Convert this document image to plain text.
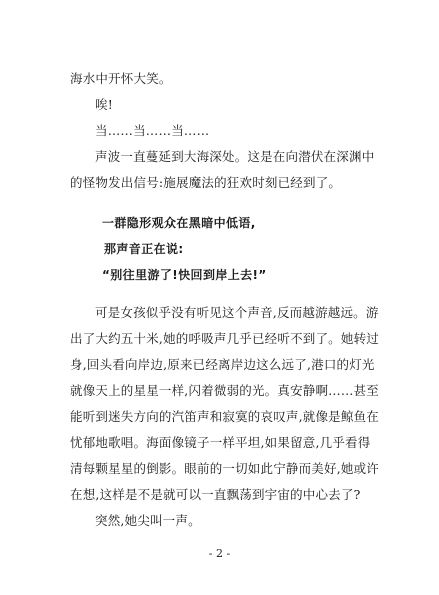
海水中开怀大笑。

唉!

当……当……当……

声波一直蔓延到大海深处。这是在向潜伏在深渊中的怪物发出信号:施展魔法的狂欢时刻已经到了。

一群隐形观众在黑暗中低语,
那声音正在说:
“别往里游了!快回到岸上去!”

可是女孩似乎没有听见这个声音,反而越游越远。游出了大约五十米,她的呼吸声几乎已经听不到了。她转过身,回头看向岸边,原来已经离岸边这么远了,港口的灯光就像天上的星星一样,闪着微弱的光。真安静啊……甚至能听到迷失方向的汽笛声和寂寞的哀叹声,就像是鲸鱼在忧郁地歌唱。海面像镜子一样平坦,如果留意,几乎看得清每颗星星的倒影。眼前的一切如此宁静而美好,她或许在想,这样是不是就可以一直飘荡到宇宙的中心去了?

突然,她尖叫一声。

- 2 -
